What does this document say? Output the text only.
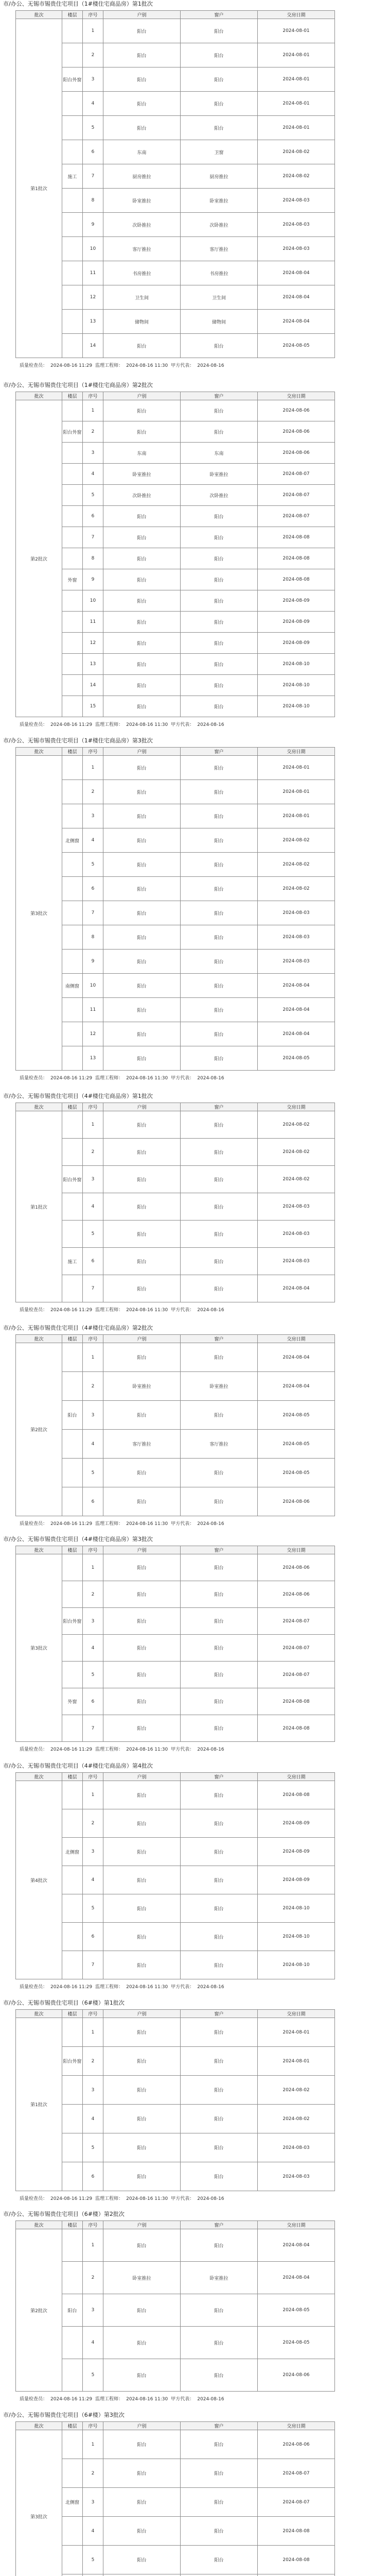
市/办公、无锡市锡贵住宅项目（1#楼住宅商品房）第1批次
批次	楼层	序号	户别	窗户	交房日期
第1批次		1	阳台	阳台	2024-08-01
		2	阳台	阳台	2024-08-01
	阳台外窗	3	阳台	阳台	2024-08-01
		4	阳台	阳台	2024-08-01
		5	阳台	阳台	2024-08-01
		6	东南	卫窗	2024-08-02
	施工	7	厨房推拉	厨房推拉	2024-08-02
		8	卧室推拉	卧室推拉	2024-08-03
		9	次卧推拉	次卧推拉	2024-08-03
		10	客厅推拉	客厅推拉	2024-08-03
		11	书房推拉	书房推拉	2024-08-04
		12	卫生间	卫生间	2024-08-04
		13	储物间	储物间	2024-08-04
		14	阳台	阳台	2024-08-05
质量检查员： 2024-08-16 11:29 监理工程师： 2024-08-16 11:30 甲方代表： 2024-08-16
市/办公、无锡市锡贵住宅项目（1#楼住宅商品房）第2批次
批次	楼层	序号	户别	窗户	交房日期
第2批次		1	阳台	阳台	2024-08-06
	阳台外窗	2	阳台	阳台	2024-08-06
		3	东南	东南	2024-08-06
		4	卧室推拉	卧室推拉	2024-08-07
		5	次卧推拉	次卧推拉	2024-08-07
		6	阳台	阳台	2024-08-07
		7	阳台	阳台	2024-08-08
		8	阳台	阳台	2024-08-08
	外窗	9	阳台	阳台	2024-08-08
		10	阳台	阳台	2024-08-09
		11	阳台	阳台	2024-08-09
		12	阳台	阳台	2024-08-09
		13	阳台	阳台	2024-08-10
		14	阳台	阳台	2024-08-10
		15	阳台	阳台	2024-08-10
质量检查员： 2024-08-16 11:29 监理工程师： 2024-08-16 11:30 甲方代表： 2024-08-16
市/办公、无锡市锡贵住宅项目（1#楼住宅商品房）第3批次
批次	楼层	序号	户别	窗户	交房日期
第3批次		1	阳台	阳台	2024-08-01
		2	阳台	阳台	2024-08-01
		3	阳台	阳台	2024-08-01
	北侧窗	4	阳台	阳台	2024-08-02
		5	阳台	阳台	2024-08-02
		6	阳台	阳台	2024-08-02
		7	阳台	阳台	2024-08-03
		8	阳台	阳台	2024-08-03
		9	阳台	阳台	2024-08-03
	南侧窗	10	阳台	阳台	2024-08-04
		11	阳台	阳台	2024-08-04
		12	阳台	阳台	2024-08-04
		13	阳台	阳台	2024-08-05
质量检查员： 2024-08-16 11:29 监理工程师： 2024-08-16 11:30 甲方代表： 2024-08-16
市/办公、无锡市锡贵住宅项目（4#楼住宅商品房）第1批次
批次	楼层	序号	户别	窗户	交房日期
第1批次		1	阳台	阳台	2024-08-02
		2	阳台	阳台	2024-08-02
	阳台外窗	3	阳台	阳台	2024-08-02
		4	阳台	阳台	2024-08-03
		5	阳台	阳台	2024-08-03
	施工	6	阳台	阳台	2024-08-03
		7	阳台	阳台	2024-08-04
质量检查员： 2024-08-16 11:29 监理工程师： 2024-08-16 11:30 甲方代表： 2024-08-16
市/办公、无锡市锡贵住宅项目（4#楼住宅商品房）第2批次
批次	楼层	序号	户别	窗户	交房日期
第2批次		1	阳台	阳台	2024-08-04
		2	卧室推拉	卧室推拉	2024-08-04
	阳台	3	阳台	阳台	2024-08-05
		4	客厅推拉	客厅推拉	2024-08-05
		5	阳台	阳台	2024-08-05
		6	阳台	阳台	2024-08-06
质量检查员： 2024-08-16 11:29 监理工程师： 2024-08-16 11:30 甲方代表： 2024-08-16
市/办公、无锡市锡贵住宅项目（4#楼住宅商品房）第3批次
批次	楼层	序号	户别	窗户	交房日期
第3批次		1	阳台	阳台	2024-08-06
		2	阳台	阳台	2024-08-06
	阳台外窗	3	阳台	阳台	2024-08-07
		4	阳台	阳台	2024-08-07
		5	阳台	阳台	2024-08-07
	外窗	6	阳台	阳台	2024-08-08
		7	阳台	阳台	2024-08-08
质量检查员： 2024-08-16 11:29 监理工程师： 2024-08-16 11:30 甲方代表： 2024-08-16
市/办公、无锡市锡贵住宅项目（4#楼住宅商品房）第4批次
批次	楼层	序号	户别	窗户	交房日期
第4批次		1	阳台	阳台	2024-08-08
		2	阳台	阳台	2024-08-09
	北侧窗	3	阳台	阳台	2024-08-09
		4	阳台	阳台	2024-08-09
		5	阳台	阳台	2024-08-10
		6	阳台	阳台	2024-08-10
		7	阳台	阳台	2024-08-10
质量检查员： 2024-08-16 11:29 监理工程师： 2024-08-16 11:30 甲方代表： 2024-08-16
市/办公、无锡市锡贵住宅项目（6#楼）第1批次
批次	楼层	序号	户别	窗户	交房日期
第1批次		1	阳台	阳台	2024-08-01
	阳台外窗	2	阳台	阳台	2024-08-01
		3	阳台	阳台	2024-08-02
		4	阳台	阳台	2024-08-02
		5	阳台	阳台	2024-08-03
		6	阳台	阳台	2024-08-03
质量检查员： 2024-08-16 11:29 监理工程师： 2024-08-16 11:30 甲方代表： 2024-08-16
市/办公、无锡市锡贵住宅项目（6#楼）第2批次
批次	楼层	序号	户别	窗户	交房日期
第2批次		1	阳台	阳台	2024-08-04
		2	卧室推拉	卧室推拉	2024-08-04
	阳台	3	阳台	阳台	2024-08-05
		4	阳台	阳台	2024-08-05
		5	阳台	阳台	2024-08-06
质量检查员： 2024-08-16 11:29 监理工程师： 2024-08-16 11:30 甲方代表： 2024-08-16
市/办公、无锡市锡贵住宅项目（6#楼）第3批次
批次	楼层	序号	户别	窗户	交房日期
第3批次		1	阳台	阳台	2024-08-06
		2	阳台	阳台	2024-08-07
	北侧窗	3	阳台	阳台	2024-08-07
		4	阳台	阳台	2024-08-08
		5	阳台	阳台	2024-08-08
